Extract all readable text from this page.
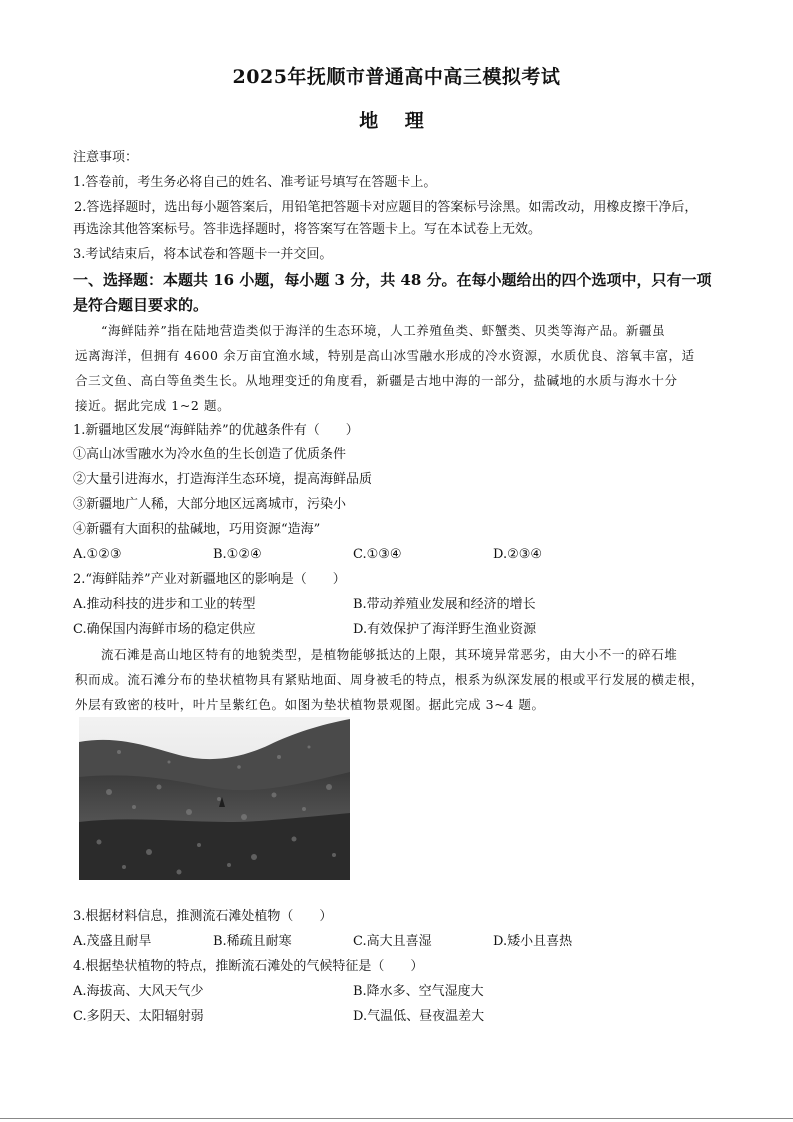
2025年抚顺市普通高中高三模拟考试
地 理
注意事项：
1.答卷前，考生务必将自己的姓名、准考证号填写在答题卡上。
2.答选择题时，选出每小题答案后，用铅笔把答题卡对应题目的答案标号涂黑。如需改动，用橡皮擦干净后，
再选涂其他答案标号。答非选择题时，将答案写在答题卡上。写在本试卷上无效。
3.考试结束后，将本试卷和答题卡一并交回。
一、选择题：本题共 16 小题，每小题 3 分，共 48 分。在每小题给出的四个选项中，只有一项
是符合题目要求的。
“海鲜陆养”指在陆地营造类似于海洋的生态环境，人工养殖鱼类、虾蟹类、贝类等海产品。新疆虽
远离海洋，但拥有 4600 余万亩宜渔水域，特别是高山冰雪融水形成的冷水资源，水质优良、溶氧丰富，适
合三文鱼、高白等鱼类生长。从地理变迁的角度看，新疆是古地中海的一部分，盐碱地的水质与海水十分
接近。据此完成 1~2 题。
1.新疆地区发展“海鲜陆养”的优越条件有（　　）
①高山冰雪融水为冷水鱼的生长创造了优质条件
②大量引进海水，打造海洋生态环境，提高海鲜品质
③新疆地广人稀，大部分地区远离城市，污染小
④新疆有大面积的盐碱地，巧用资源“造海”
A.①②③	B.①②④	C.①③④	D.②③④
2.“海鲜陆养”产业对新疆地区的影响是（　　）
A.推动科技的进步和工业的转型	B.带动养殖业发展和经济的增长
C.确保国内海鲜市场的稳定供应	D.有效保护了海洋野生渔业资源
流石滩是高山地区特有的地貌类型，是植物能够抵达的上限，其环境异常恶劣，由大小不一的碎石堆
积而成。流石滩分布的垫状植物具有紧贴地面、周身被毛的特点，根系为纵深发展的根或平行发展的横走根，
外层有致密的枝叶，叶片呈紫红色。如图为垫状植物景观图。据此完成 3~4 题。
3.根据材料信息，推测流石滩处植物（　　）
A.茂盛且耐旱	B.稀疏且耐寒	C.高大且喜湿	D.矮小且喜热
4.根据垫状植物的特点，推断流石滩处的气候特征是（　　）
A.海拔高、大风天气少	B.降水多、空气湿度大
C.多阴天、太阳辐射弱	D.气温低、昼夜温差大
